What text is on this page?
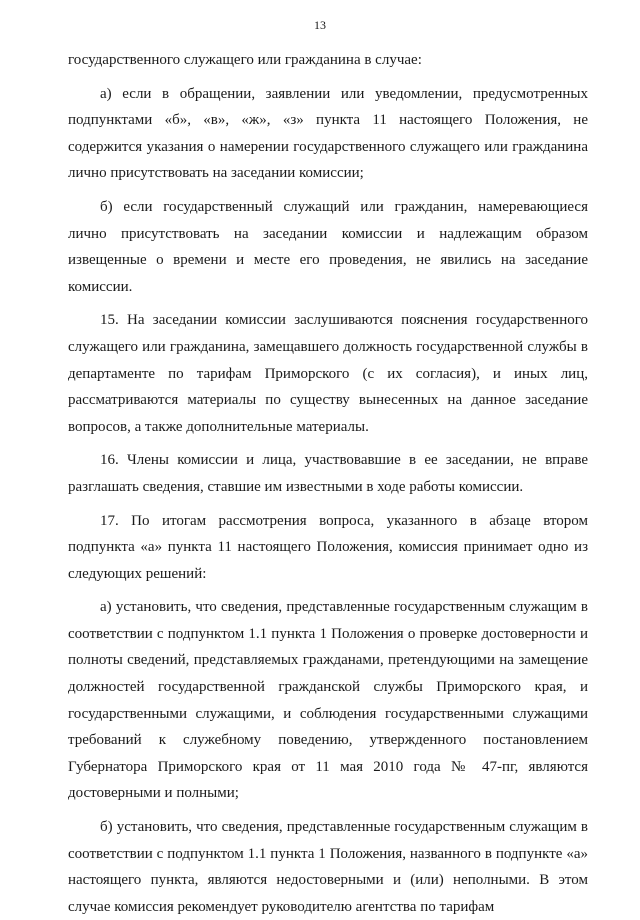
13

государственного служащего или гражданина в случае:

а) если в обращении, заявлении или уведомлении, предусмотренных подпунктами «б», «в», «ж», «з» пункта 11 настоящего Положения, не содержится указания о намерении государственного служащего или гражданина лично присутствовать на заседании комиссии;

б) если государственный служащий или гражданин, намеревающиеся лично присутствовать на заседании комиссии и надлежащим образом извещенные о времени и месте его проведения, не явились на заседание комиссии.

15. На заседании комиссии заслушиваются пояснения государственного служащего или гражданина, замещавшего должность государственной службы в департаменте по тарифам Приморского (с их согласия), и иных лиц, рассматриваются материалы по существу вынесенных на данное заседание вопросов, а также дополнительные материалы.

16. Члены комиссии и лица, участвовавшие в ее заседании, не вправе разглашать сведения, ставшие им известными в ходе работы комиссии.

17. По итогам рассмотрения вопроса, указанного в абзаце втором подпункта «а» пункта 11 настоящего Положения, комиссия принимает одно из следующих решений:

а) установить, что сведения, представленные государственным служащим в соответствии с подпунктом 1.1 пункта 1 Положения о проверке достоверности и полноты сведений, представляемых гражданами, претендующими на замещение должностей государственной гражданской службы Приморского края, и государственными служащими, и соблюдения государственными служащими требований к служебному поведению, утвержденного постановлением Губернатора Приморского края от 11 мая 2010 года № 47-пг, являются достоверными и полными;

б) установить, что сведения, представленные государственным служащим в соответствии с подпунктом 1.1 пункта 1 Положения, названного в подпункте «а» настоящего пункта, являются недостоверными и (или) неполными. В этом случае комиссия рекомендует руководителю агентства по тарифам
